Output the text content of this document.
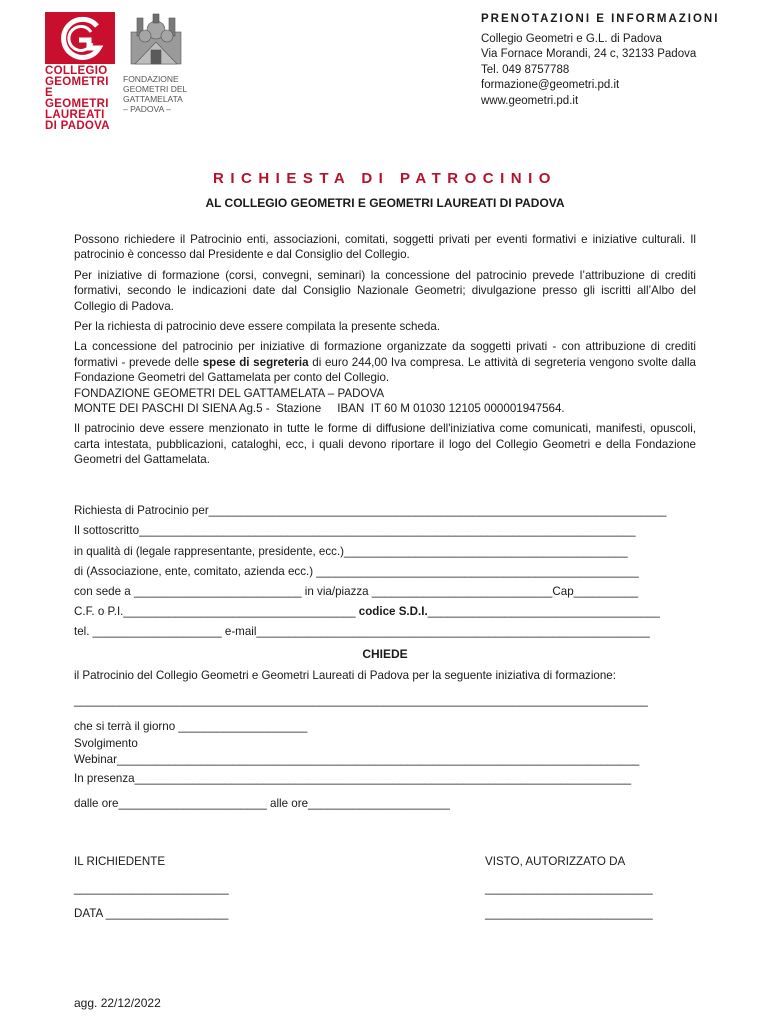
COLLEGIO
GEOMETRI
E GEOMETRI
LAUREATI
DI PADOVA
FONDAZIONE
GEOMETRI DEL
GATTAMELATA
– PADOVA –
PRENOTAZIONI E INFORMAZIONI
Collegio Geometri e G.L. di Padova
Via Fornace Morandi, 24 c, 32133 Padova
Tel. 049 8757788
formazione@geometri.pd.it
www.geometri.pd.it
RICHIESTA DI PATROCINIO
AL COLLEGIO GEOMETRI E GEOMETRI LAUREATI DI PADOVA

Possono richiedere il Patrocinio enti, associazioni, comitati, soggetti privati per eventi formativi e iniziative culturali. Il patrocinio è concesso dal Presidente e dal Consiglio del Collegio.

Per iniziative di formazione (corsi, convegni, seminari) la concessione del patrocinio prevede l’attribuzione di crediti formativi, secondo le indicazioni date dal Consiglio Nazionale Geometri; divulgazione presso gli iscritti all’Albo del Collegio di Padova.

Per la richiesta di patrocinio deve essere compilata la presente scheda.

La concessione del patrocinio per iniziative di formazione organizzate da soggetti privati - con attribuzione di crediti formativi - prevede delle spese di segreteria di euro 244,00 Iva compresa. Le attività di segreteria vengono svolte dalla Fondazione Geometri del Gattamelata per conto del Collegio.

FONDAZIONE GEOMETRI DEL GATTAMELATA – PADOVA

MONTE DEI PASCHI DI SIENA Ag.5 -  Stazione     IBAN  IT 60 M 01030 12105 000001947564.

Il patrocinio deve essere menzionato in tutte le forme di diffusione dell'iniziativa come comunicati, manifesti, opuscoli, carta intestata, pubblicazioni, cataloghi, ecc, i quali devono riportare il logo del Collegio Geometri e della Fondazione Geometri del Gattamelata.

Richiesta di Patrocinio per_______________________________________________________________________
Il sottoscritto_____________________________________________________________________________
in qualità di (legale rappresentante, presidente, ecc.)____________________________________________
di (Associazione, ente, comitato, azienda ecc.) __________________________________________________
con sede a __________________________ in via/piazza ____________________________Cap__________
C.F. o P.I.____________________________________ codice S.D.I.____________________________________
tel. ____________________ e-mail_____________________________________________________________
CHIEDE
il Patrocinio del Collegio Geometri e Geometri Laureati di Padova per la seguente iniziativa di formazione:
_________________________________________________________________________________________
che si terrà il giorno ____________________
Svolgimento
Webinar_________________________________________________________________________________
In presenza_____________________________________________________________________________
dalle ore_______________________ alle ore______________________
IL RICHIEDENTE
________________________
DATA ___________________
VISTO, AUTORIZZATO DA
__________________________
__________________________
agg. 22/12/2022
